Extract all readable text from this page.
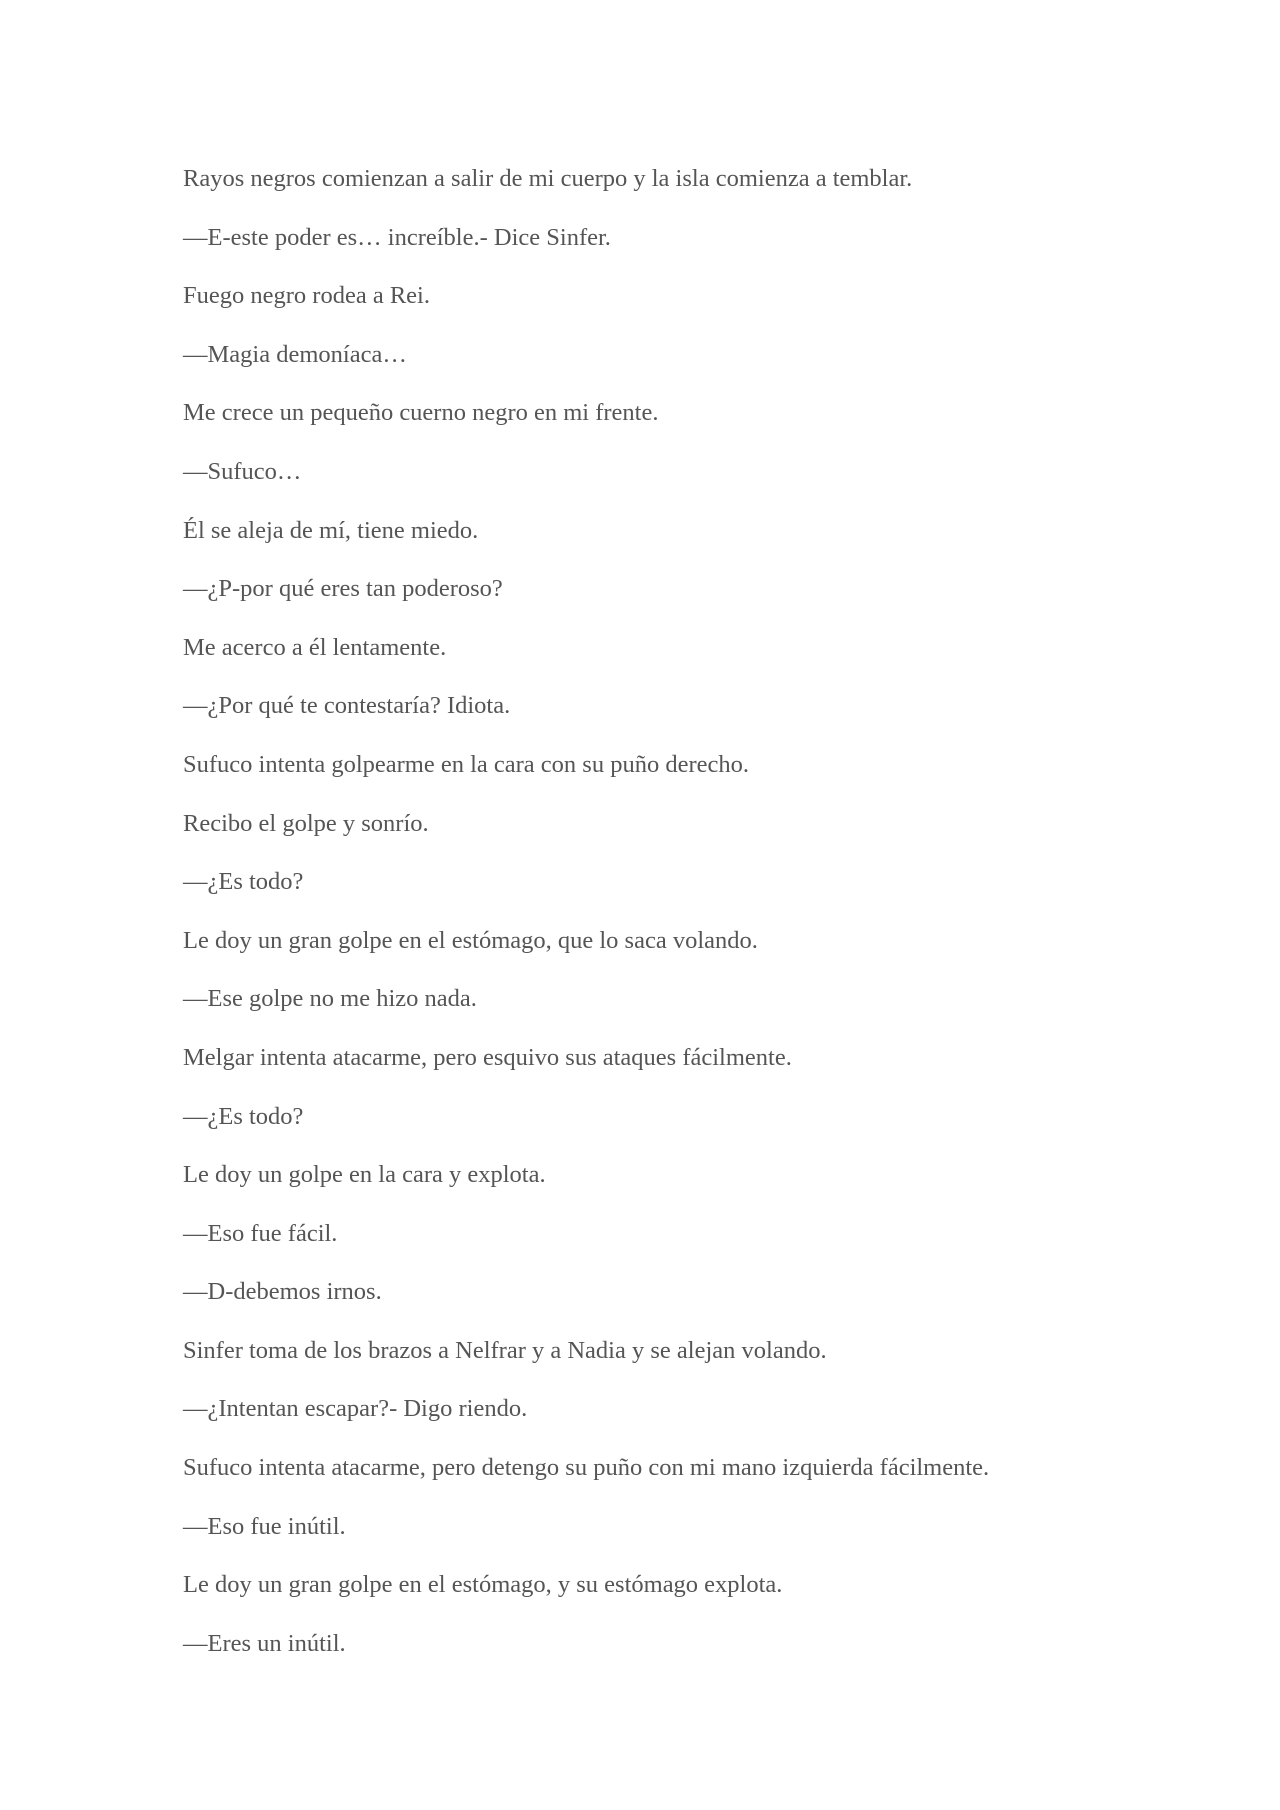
Rayos negros comienzan a salir de mi cuerpo y la isla comienza a temblar.

—E-este poder es… increíble.- Dice Sinfer.

Fuego negro rodea a Rei.

—Magia demoníaca…

Me crece un pequeño cuerno negro en mi frente.

—Sufuco…

Él se aleja de mí, tiene miedo.

—¿P-por qué eres tan poderoso?

Me acerco a él lentamente.

—¿Por qué te contestaría? Idiota.

Sufuco intenta golpearme en la cara con su puño derecho.

Recibo el golpe y sonrío.

—¿Es todo?

Le doy un gran golpe en el estómago, que lo saca volando.

—Ese golpe no me hizo nada.

Melgar intenta atacarme, pero esquivo sus ataques fácilmente.

—¿Es todo?

Le doy un golpe en la cara y explota.

—Eso fue fácil.

—D-debemos irnos.

Sinfer toma de los brazos a Nelfrar y a Nadia y se alejan volando.

—¿Intentan escapar?- Digo riendo.

Sufuco intenta atacarme, pero detengo su puño con mi mano izquierda fácilmente.

—Eso fue inútil.

Le doy un gran golpe en el estómago, y su estómago explota.

—Eres un inútil.
